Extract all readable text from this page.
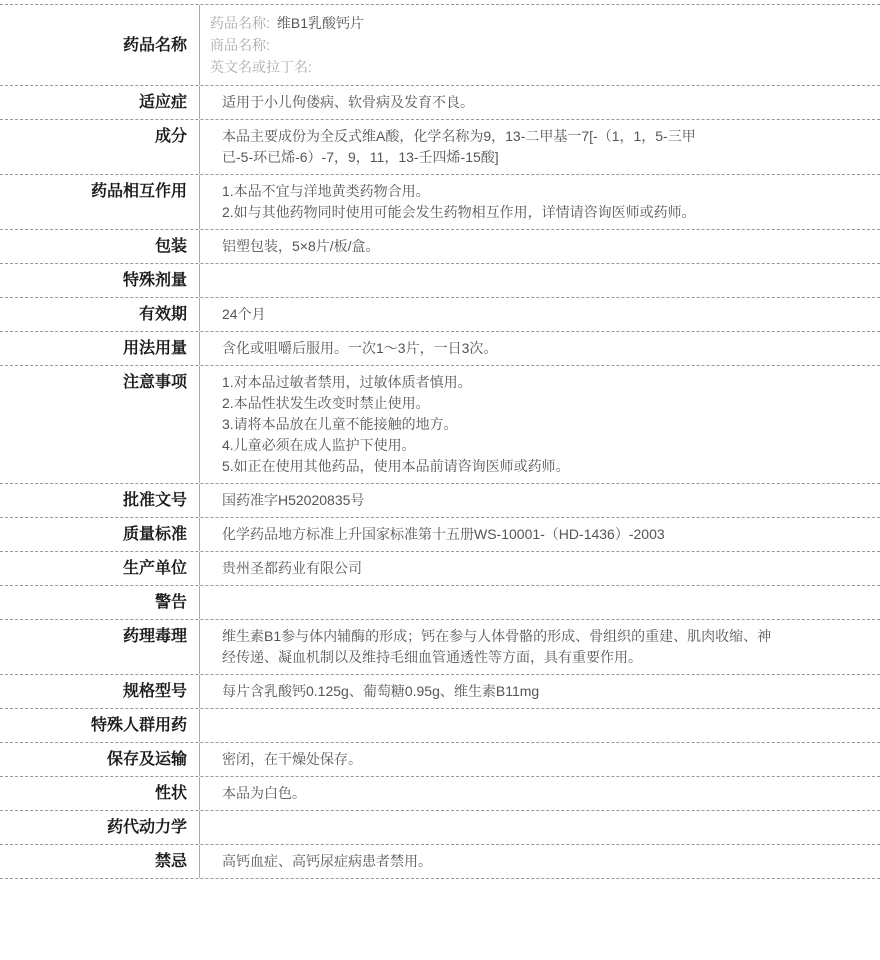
药品名称
药品名称: 维B1乳酸钙片
商品名称:
英文名或拉丁名:
适应症	适用于小儿佝偻病、软骨病及发育不良。
成分	本品主要成份为全反式维A酸，化学名称为9，13-二甲基一7[-（1，1，5-三甲
已-5-环已烯-6）-7，9，11，13-壬四烯-15酸]
药品相互作用	1.本品不宜与洋地黄类药物合用。
2.如与其他药物同时使用可能会发生药物相互作用，详情请咨询医师或药师。
包装	铝塑包装，5×8片/板/盒。
特殊剂量
有效期	24个月
用法用量	含化或咀嚼后服用。一次1～3片，一日3次。
注意事项	1.对本品过敏者禁用，过敏体质者慎用。
2.本品性状发生改变时禁止使用。
3.请将本品放在儿童不能接触的地方。
4.儿童必须在成人监护下使用。
5.如正在使用其他药品，使用本品前请咨询医师或药师。
批准文号	国药准字H52020835号
质量标准	化学药品地方标准上升国家标准第十五册WS-10001-（HD-1436）-2003
生产单位	贵州圣都药业有限公司
警告
药理毒理	维生素B1参与体内辅酶的形成；钙在参与人体骨骼的形成、骨组织的重建、肌肉收缩、神
经传递、凝血机制以及维持毛细血管通透性等方面，具有重要作用。
规格型号	每片含乳酸钙0.125g、葡萄糖0.95g、维生素B11mg
特殊人群用药
保存及运输	密闭，在干燥处保存。
性状	本品为白色。
药代动力学
禁忌	高钙血症、高钙尿症病患者禁用。
